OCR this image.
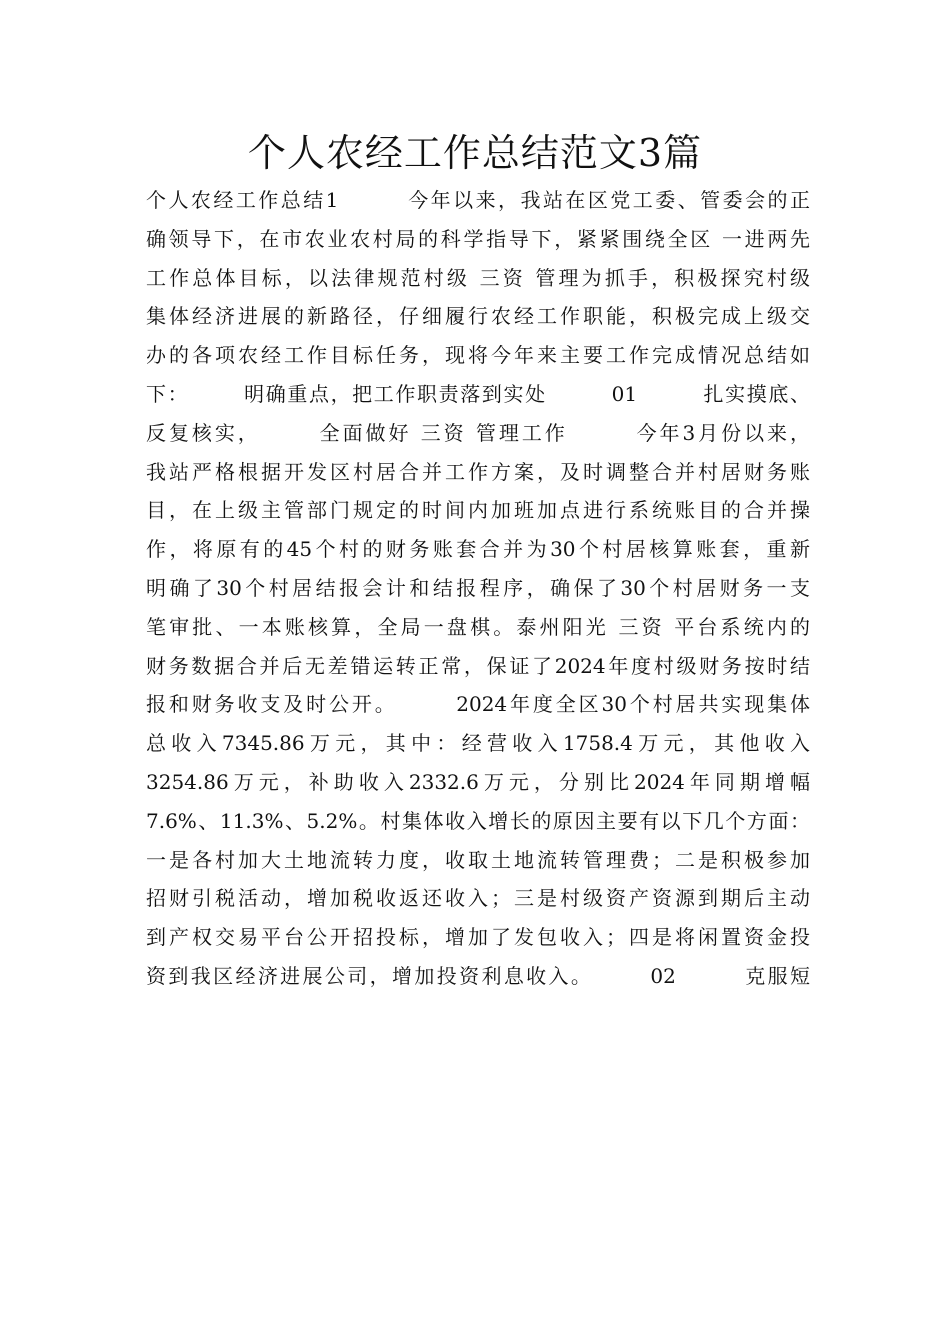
个人农经工作总结范文3篇
个人农经工作总结1　　　今年以来，我站在区党工委、管委会的正
确领导下，在市农业农村局的科学指导下，紧紧围绕全区 一进两先
工作总体目标，以法律规范村级 三资 管理为抓手，积极探究村级
集体经济进展的新路径，仔细履行农经工作职能，积极完成上级交
办的各项农经工作目标任务，现将今年来主要工作完成情况总结如
下：　　　明确重点，把工作职责落到实处　　　01　　　扎实摸底、
反复核实，　　　全面做好 三资 管理工作　　　今年3月份以来，
我站严格根据开发区村居合并工作方案，及时调整合并村居财务账
目，在上级主管部门规定的时间内加班加点进行系统账目的合并操
作，将原有的45个村的财务账套合并为30个村居核算账套，重新
明确了30个村居结报会计和结报程序，确保了30个村居财务一支
笔审批、一本账核算，全局一盘棋。泰州阳光 三资 平台系统内的
财务数据合并后无差错运转正常，保证了2024年度村级财务按时结
报和财务收支及时公开。　　　2024年度全区30个村居共实现集体
总收入7345.86万元，其中：经营收入1758.4万元，其他收入
3254.86万元，补助收入2332.6万元，分别比2024年同期增幅
7.6%、11.3%、5.2%。村集体收入增长的原因主要有以下几个方面：
一是各村加大土地流转力度，收取土地流转管理费；二是积极参加
招财引税活动，增加税收返还收入；三是村级资产资源到期后主动
到产权交易平台公开招投标，增加了发包收入；四是将闲置资金投
资到我区经济进展公司，增加投资利息收入。　　　02　　　克服短
